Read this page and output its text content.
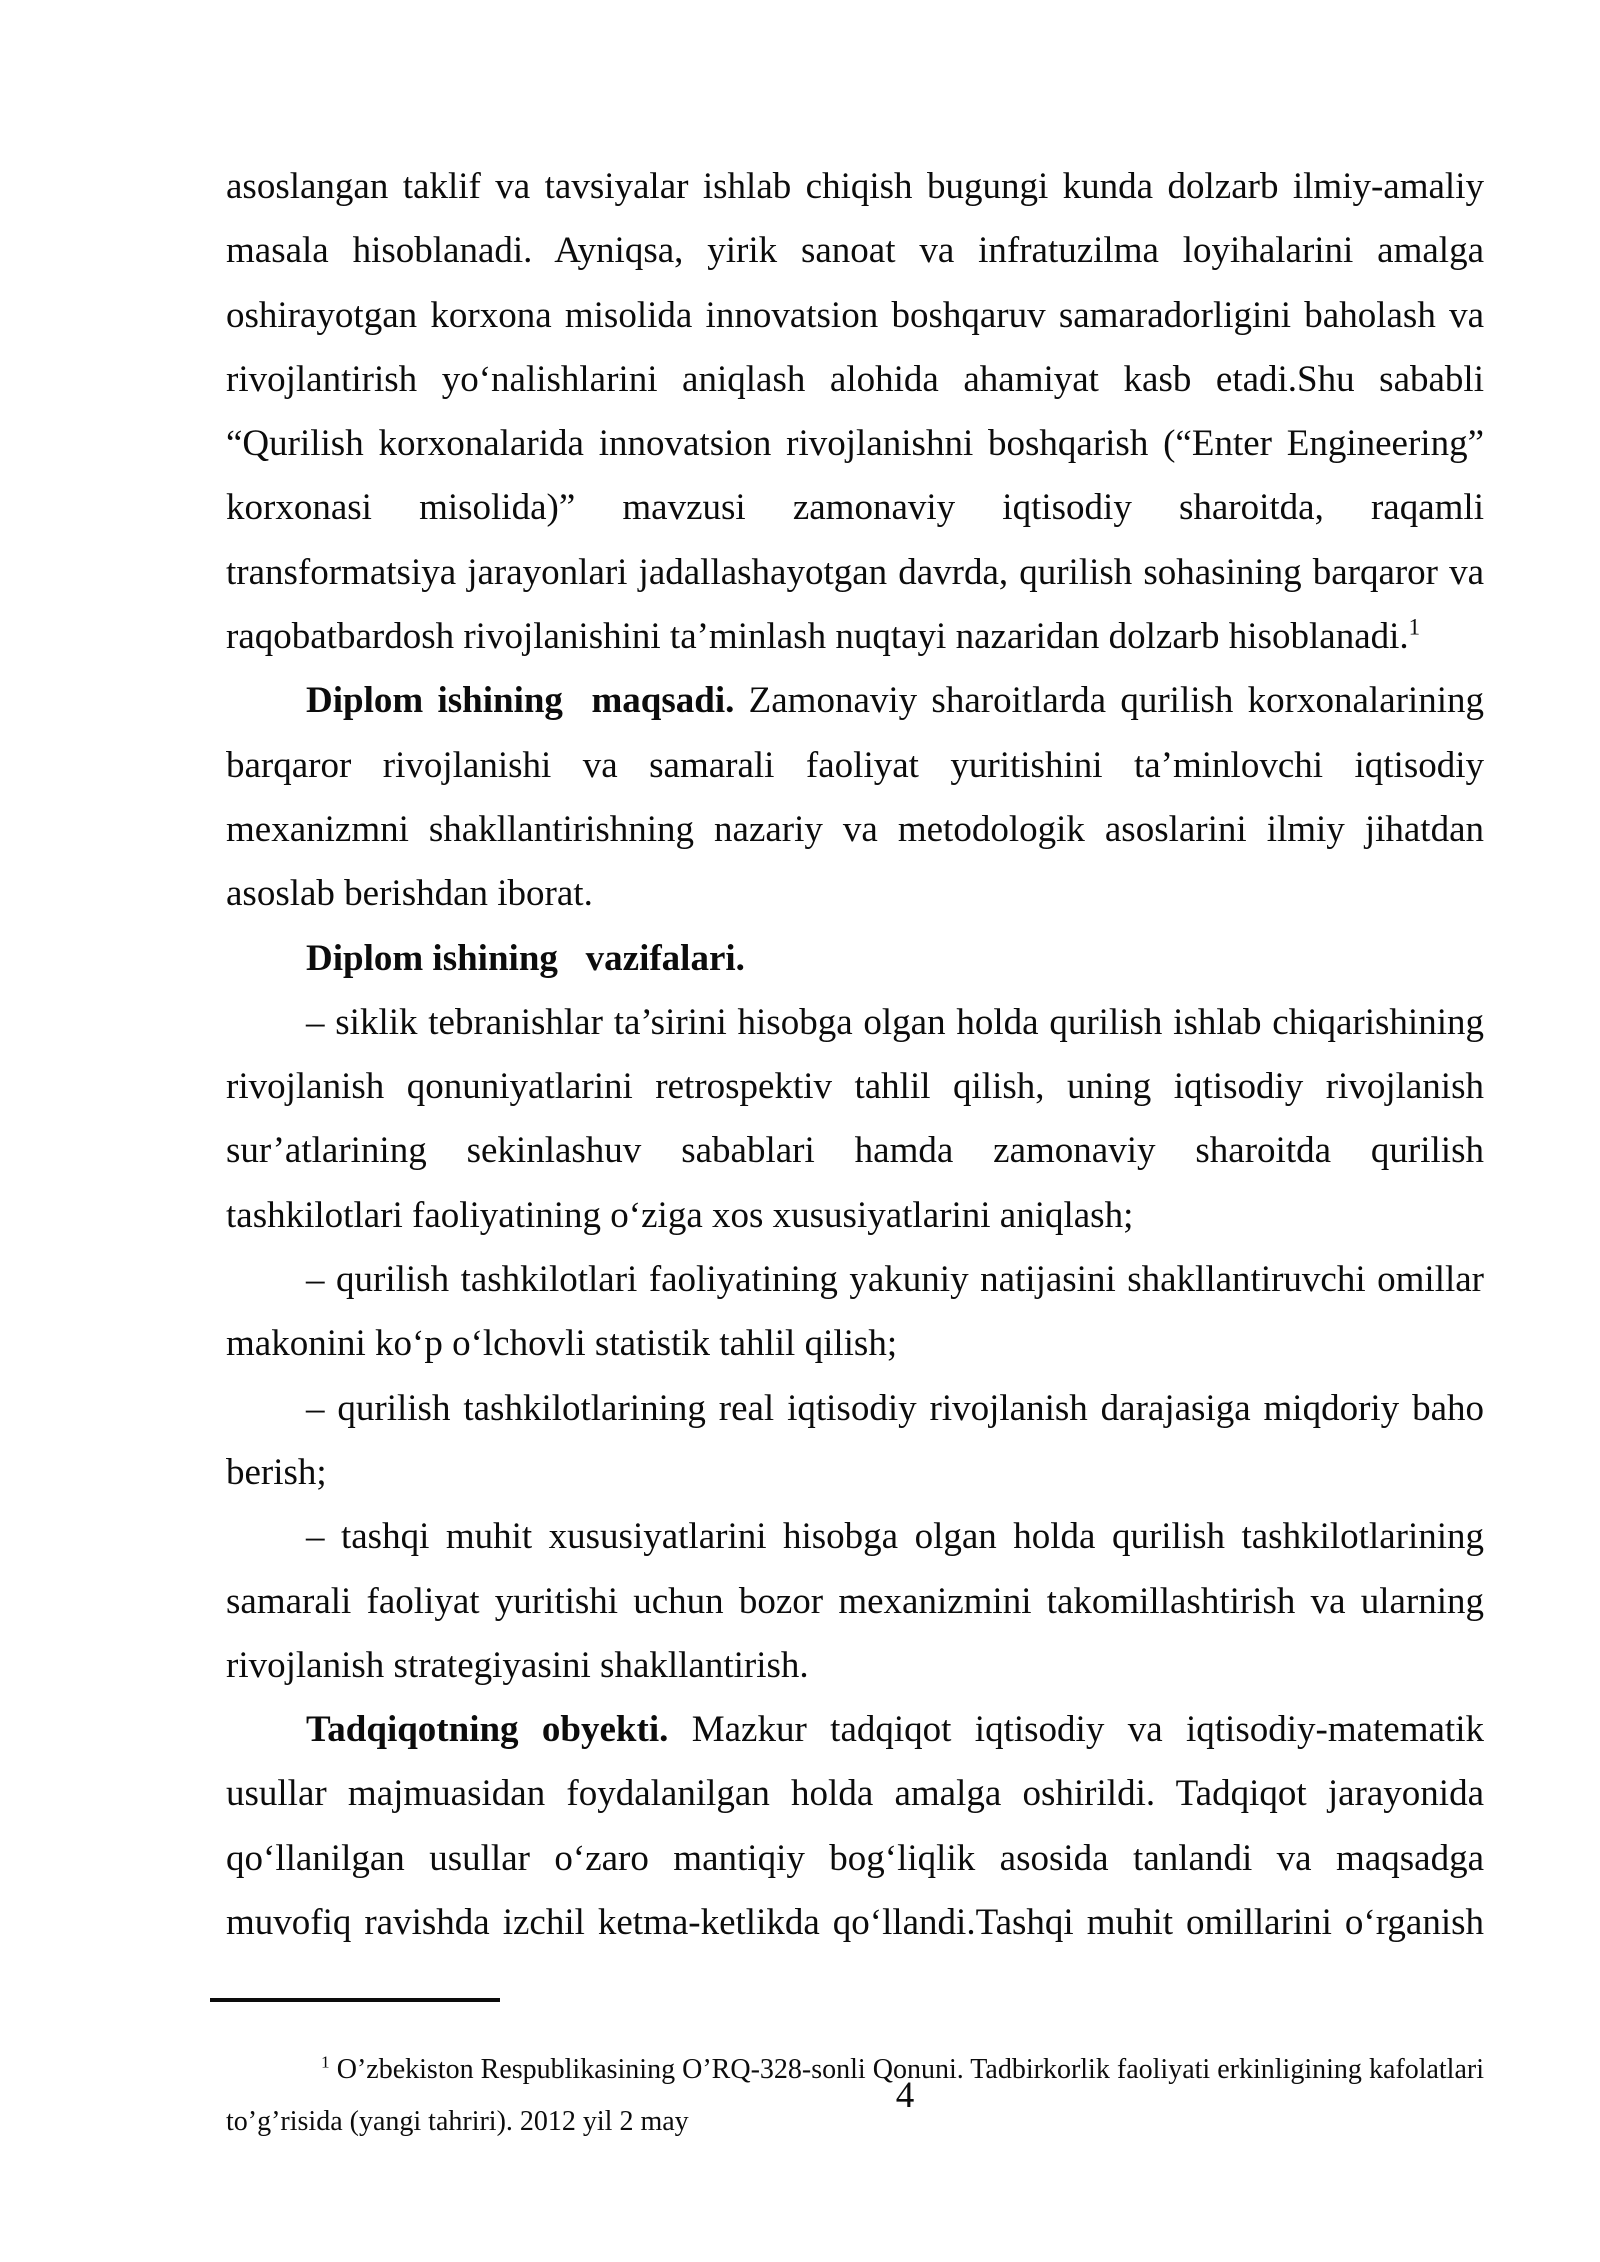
asoslangan taklif va tavsiyalar ishlab chiqish bugungi kunda dolzarb ilmiy-amaliy masala hisoblanadi. Ayniqsa, yirik sanoat va infratuzilma loyihalarini amalga oshirayotgan korxona misolida innovatsion boshqaruv samaradorligini baholash va rivojlantirish yo‘nalishlarini aniqlash alohida ahamiyat kasb etadi.Shu sababli “Qurilish korxonalarida innovatsion rivojlanishni boshqarish (“Enter Engineering” korxonasi misolida)” mavzusi zamonaviy iqtisodiy sharoitda, raqamli transformatsiya jarayonlari jadallashayotgan davrda, qurilish sohasining barqaror va raqobatbardosh rivojlanishini ta’minlash nuqtayi nazaridan dolzarb hisoblanadi.$^1$

Diplom ishining  maqsadi. Zamonaviy sharoitlarda qurilish korxonalarining barqaror rivojlanishi va samarali faoliyat yuritishini ta’minlovchi iqtisodiy mexanizmni shakllantirishning nazariy va metodologik asoslarini ilmiy jihatdan asoslab berishdan iborat.

Diplom ishining   vazifalari.

– siklik tebranishlar ta’sirini hisobga olgan holda qurilish ishlab chiqarishining rivojlanish qonuniyatlarini retrospektiv tahlil qilish, uning iqtisodiy rivojlanish sur’atlarining sekinlashuv sabablari hamda zamonaviy sharoitda qurilish tashkilotlari faoliyatining o‘ziga xos xususiyatlarini aniqlash;

– qurilish tashkilotlari faoliyatining yakuniy natijasini shakllantiruvchi omillar makonini ko‘p o‘lchovli statistik tahlil qilish;

– qurilish tashkilotlarining real iqtisodiy rivojlanish darajasiga miqdoriy baho berish;

– tashqi muhit xususiyatlarini hisobga olgan holda qurilish tashkilotlarining samarali faoliyat yuritishi uchun bozor mexanizmini takomillashtirish va ularning rivojlanish strategiyasini shakllantirish.

Tadqiqotning obyekti. Mazkur tadqiqot iqtisodiy va iqtisodiy-matematik usullar majmuasidan foydalanilgan holda amalga oshirildi. Tadqiqot jarayonida qo‘llanilgan usullar o‘zaro mantiqiy bog‘liqlik asosida tanlandi va maqsadga muvofiq ravishda izchil ketma-ketlikda qo‘llandi.Tashqi muhit omillarini o‘rganish

$^1$ O’zbekiston Respublikasining O’RQ-328-sonli Qonuni. Tadbirkorlik faoliyati erkinligining kafolatlari to’g’risida (yangi tahriri). 2012 yil 2 may

4
